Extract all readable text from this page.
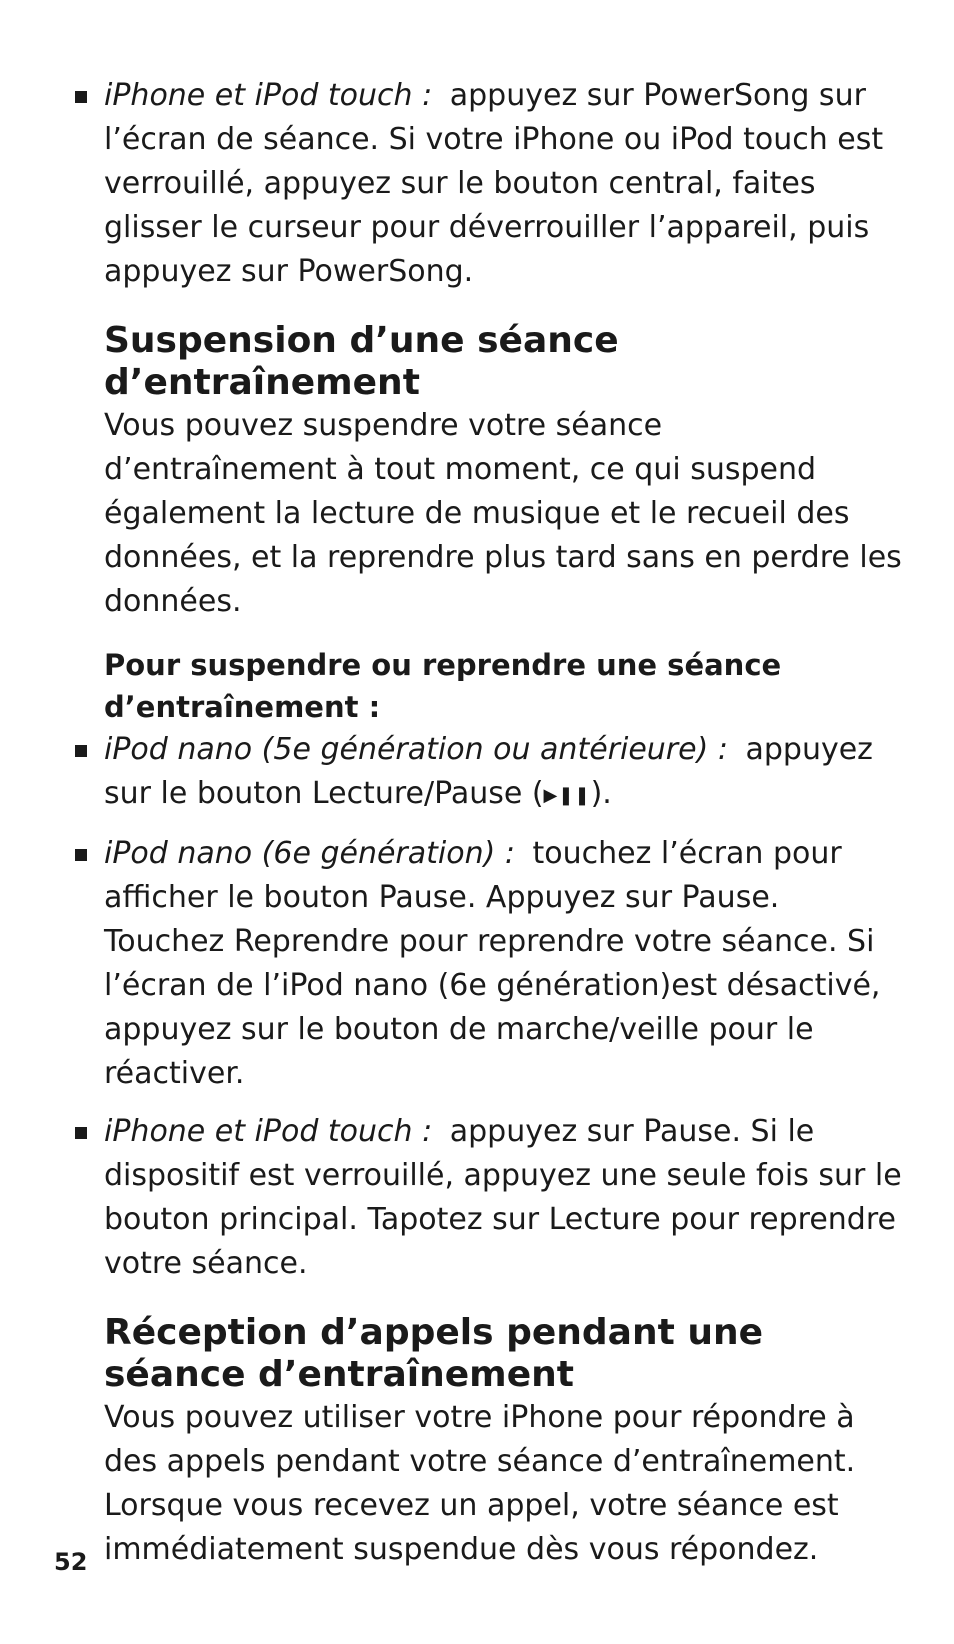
iPhone et iPod touch : appuyez sur PowerSong sur l’écran de séance. Si votre iPhone ou iPod touch est verrouillé, appuyez sur le bouton central, faites glisser le curseur pour déverrouiller l’appareil, puis appuyez sur PowerSong.

Suspension d’une séance d’entraînement

Vous pouvez suspendre votre séance d’entraînement à tout moment, ce qui suspend également la lecture de musique et le recueil des données, et la reprendre plus tard sans en perdre les données.

Pour suspendre ou reprendre une séance d’entraînement :

iPod nano (5e génération ou antérieure) : appuyez sur le bouton Lecture/Pause (▶❚❚).

iPod nano (6e génération) : touchez l’écran pour afficher le bouton Pause. Appuyez sur Pause. Touchez Reprendre pour reprendre votre séance. Si l’écran de l’iPod nano (6e génération)est désactivé, appuyez sur le bouton de marche/veille pour le réactiver.

iPhone et iPod touch : appuyez sur Pause. Si le dispositif est verrouillé, appuyez une seule fois sur le bouton principal. Tapotez sur Lecture pour reprendre votre séance.

Réception d’appels pendant une séance d’entraînement

Vous pouvez utiliser votre iPhone pour répondre à des appels pendant votre séance d’entraînement. Lorsque vous recevez un appel, votre séance est immédiatement suspendue dès vous répondez.

52
